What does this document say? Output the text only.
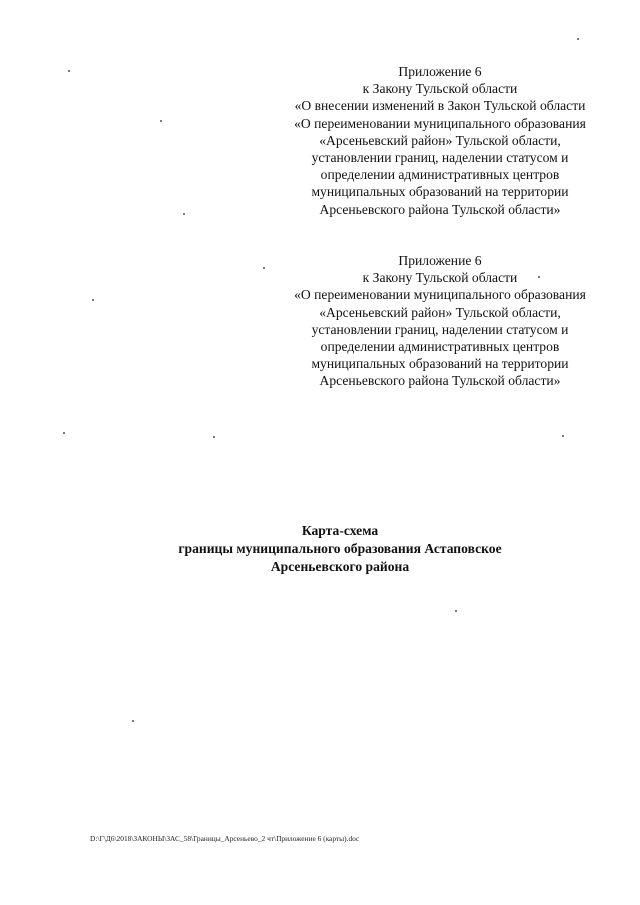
Приложение 6
к Закону Тульской области
«О внесении изменений в Закон Тульской области
«О переименовании муниципального образования
«Арсеньевский район» Тульской области,
установлении границ, наделении статусом и
определении административных центров
муниципальных образований на территории
Арсеньевского района Тульской области»
Приложение 6
к Закону Тульской области
«О переименовании муниципального образования
«Арсеньевский район» Тульской области,
установлении границ, наделении статусом и
определении административных центров
муниципальных образований на территории
Арсеньевского района Тульской области»
Карта-схема
границы муниципального образования Астаповское
Арсеньевского района
D:\Г\Д6\2018\ЗАКОНЫ\ЗАС_58\Границы_Арсеньево_2 чт\Приложение 6 (карты).doc
